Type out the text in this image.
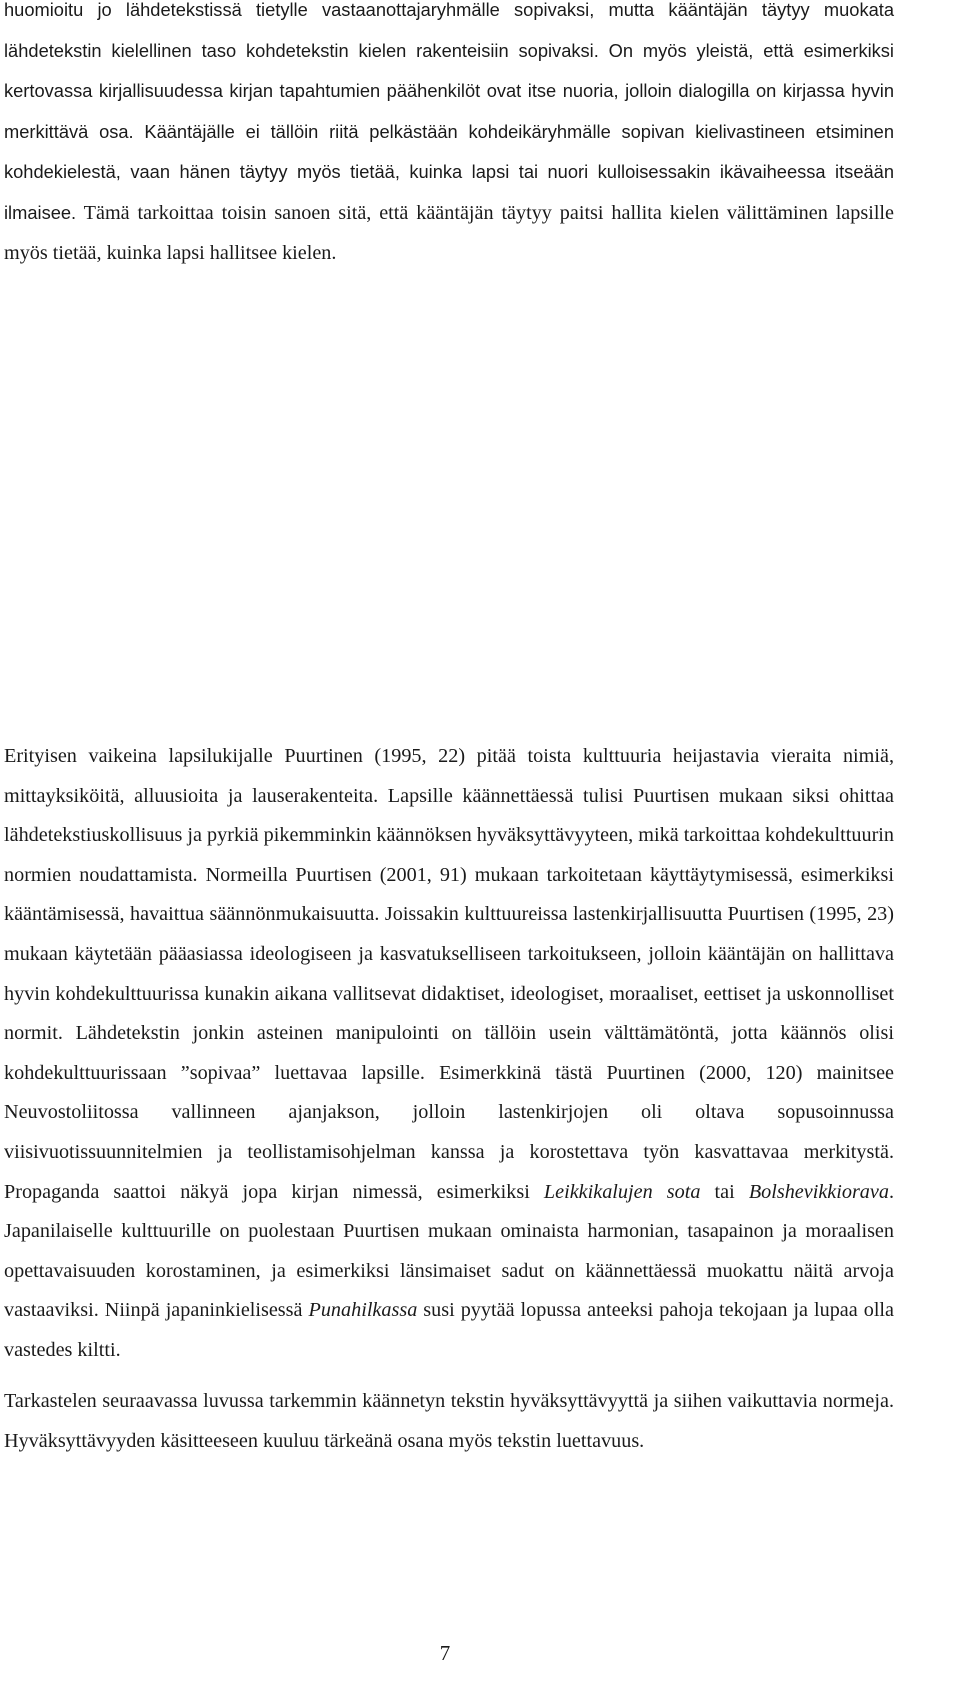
huomioitu jo lähdetekstissä tietylle vastaanottajaryhmälle sopivaksi, mutta kääntäjän täytyy muokata lähdetekstin kielellinen taso kohdetekstin kielen rakenteisiin sopivaksi. On myös yleistä, että esimerkiksi kertovassa kirjallisuudessa kirjan tapahtumien päähenkilöt ovat itse nuoria, jolloin dialogilla on kirjassa hyvin merkittävä osa. Kääntäjälle ei tällöin riitä pelkästään kohdeikäryhmälle sopivan kielivastineen etsiminen kohdekielestä, vaan hänen täytyy myös tietää, kuinka lapsi tai nuori kulloisessakin ikävaiheessa itseään ilmaisee. Tämä tarkoittaa toisin sanoen sitä, että kääntäjän täytyy paitsi hallita kielen välittäminen lapsille myös tietää, kuinka lapsi hallitsee kielen.

Erityisen vaikeina lapsilukijalle Puurtinen (1995, 22) pitää toista kulttuuria heijastavia vieraita nimiä, mittayksiköitä, alluusioita ja lauserakenteita. Lapsille käännettäessä tulisi Puurtisen mukaan siksi ohittaa lähdetekstiuskollisuus ja pyrkiä pikemminkin käännöksen hyväksyttävyyteen, mikä tarkoittaa kohdekulttuurin normien noudattamista. Normeilla Puurtisen (2001, 91) mukaan tarkoitetaan käyttäytymisessä, esimerkiksi kääntämisessä, havaittua säännönmukaisuutta. Joissakin kulttuureissa lastenkirjallisuutta Puurtisen (1995, 23) mukaan käytetään pääasiassa ideologiseen ja kasvatukselliseen tarkoitukseen, jolloin kääntäjän on hallittava hyvin kohdekulttuurissa kunakin aikana vallitsevat didaktiset, ideologiset, moraaliset, eettiset ja uskonnolliset normit. Lähdetekstin jonkin asteinen manipulointi on tällöin usein välttämätöntä, jotta käännös olisi kohdekulttuurissaan ”sopivaa” luettavaa lapsille. Esimerkkinä tästä Puurtinen (2000, 120) mainitsee Neuvostoliitossa vallinneen ajanjakson, jolloin lastenkirjojen oli oltava sopusoinnussa viisivuotissuunnitelmien ja teollistamisohjelman kanssa ja korostettava työn kasvattavaa merkitystä. Propaganda saattoi näkyä jopa kirjan nimessä, esimerkiksi Leikkikalujen sota tai Bolshevikkiorava. Japanilaiselle kulttuurille on puolestaan Puurtisen mukaan ominaista harmonian, tasapainon ja moraalisen opettavaisuuden korostaminen, ja esimerkiksi länsimaiset sadut on käännettäessä muokattu näitä arvoja vastaaviksi. Niinpä japaninkielisessä Punahilkassa susi pyytää lopussa anteeksi pahoja tekojaan ja lupaa olla vastedes kiltti.

Tarkastelen seuraavassa luvussa tarkemmin käännetyn tekstin hyväksyttävyyttä ja siihen vaikuttavia normeja. Hyväksyttävyyden käsitteeseen kuuluu tärkeänä osana myös tekstin luettavuus.

7
